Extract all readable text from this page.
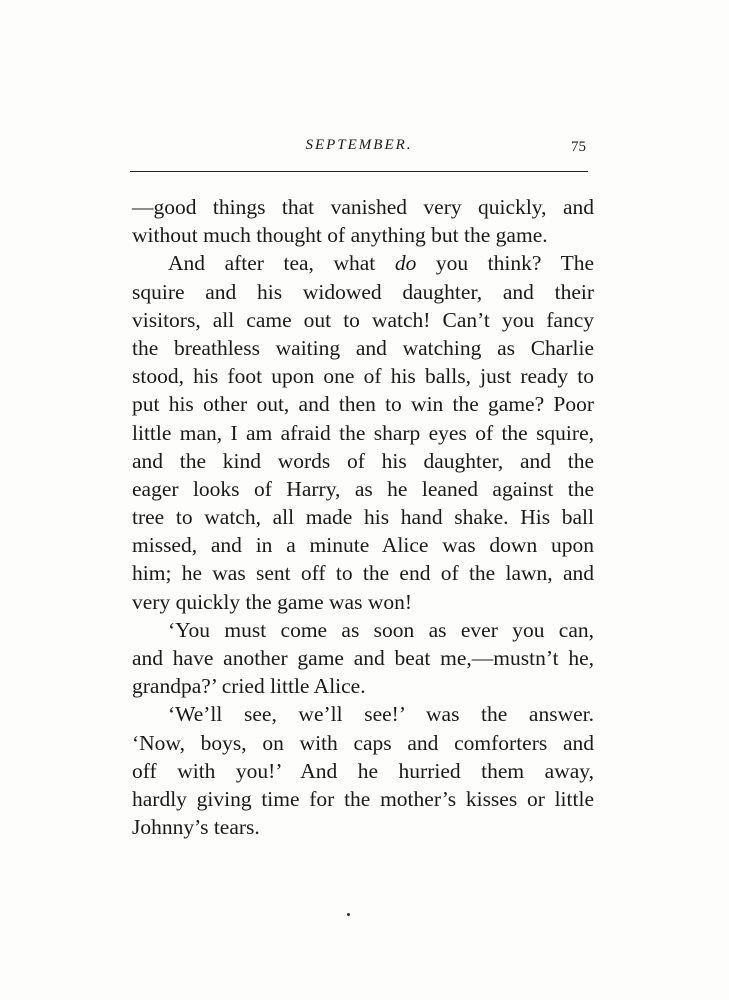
SEPTEMBER.	75
—good things that vanished very quickly, and
without much thought of anything but the game.
And after tea, what do you think? The
squire and his widowed daughter, and their
visitors, all came out to watch! Can’t you fancy
the breathless waiting and watching as Charlie
stood, his foot upon one of his balls, just ready to
put his other out, and then to win the game? Poor
little man, I am afraid the sharp eyes of the squire,
and the kind words of his daughter, and the
eager looks of Harry, as he leaned against the
tree to watch, all made his hand shake. His ball
missed, and in a minute Alice was down upon
him; he was sent off to the end of the lawn, and
very quickly the game was won!
‘You must come as soon as ever you can,
and have another game and beat me,—mustn’t he,
grandpa?’ cried little Alice.
‘We’ll see, we’ll see!’ was the answer.
‘Now, boys, on with caps and comforters and
off with you!’ And he hurried them away,
hardly giving time for the mother’s kisses or little
Johnny’s tears.
